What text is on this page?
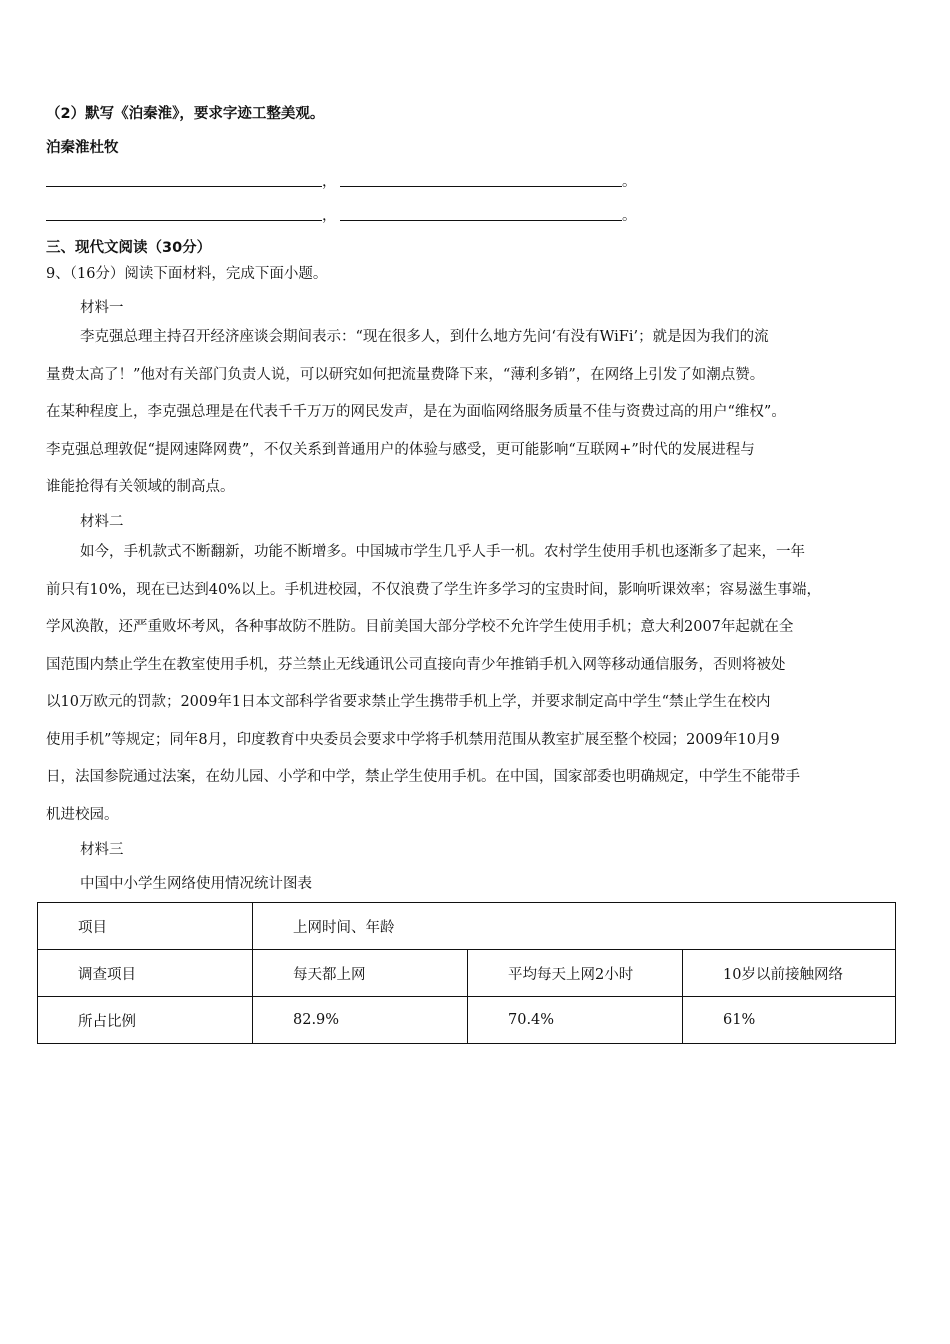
（2）默写《泊秦淮》，要求字迹工整美观。
泊秦淮杜牧
，	。
，	。
三、现代文阅读（30分）
9、（16分）阅读下面材料，完成下面小题。
材料一
李克强总理主持召开经济座谈会期间表示：“现在很多人，到什么地方先问‘有没有WiFi’；就是因为我们的流
量费太高了！”他对有关部门负责人说，可以研究如何把流量费降下来，“薄利多销”，在网络上引发了如潮点赞。
在某种程度上，李克强总理是在代表千千万万的网民发声，是在为面临网络服务质量不佳与资费过高的用户“维权”。
李克强总理敦促“提网速降网费”，不仅关系到普通用户的体验与感受，更可能影响“互联网+”时代的发展进程与
谁能抢得有关领域的制高点。
材料二
如今，手机款式不断翻新，功能不断增多。中国城市学生几乎人手一机。农村学生使用手机也逐渐多了起来，一年
前只有10%，现在已达到40%以上。手机进校园，不仅浪费了学生许多学习的宝贵时间，影响听课效率；容易滋生事端，
学风涣散，还严重败坏考风，各种事故防不胜防。目前美国大部分学校不允许学生使用手机；意大利2007年起就在全
国范围内禁止学生在教室使用手机，芬兰禁止无线通讯公司直接向青少年推销手机入网等移动通信服务，否则将被处
以10万欧元的罚款；2009年1日本文部科学省要求禁止学生携带手机上学，并要求制定高中学生“禁止学生在校内
使用手机”等规定；同年8月，印度教育中央委员会要求中学将手机禁用范围从教室扩展至整个校园；2009年10月9
日，法国参院通过法案，在幼儿园、小学和中学，禁止学生使用手机。在中国，国家部委也明确规定，中学生不能带手
机进校园。
材料三
中国中小学生网络使用情况统计图表
项目	上网时间、年龄		
调查项目	每天都上网	平均每天上网2小时	10岁以前接触网络
所占比例	82.9%	70.4%	61%
